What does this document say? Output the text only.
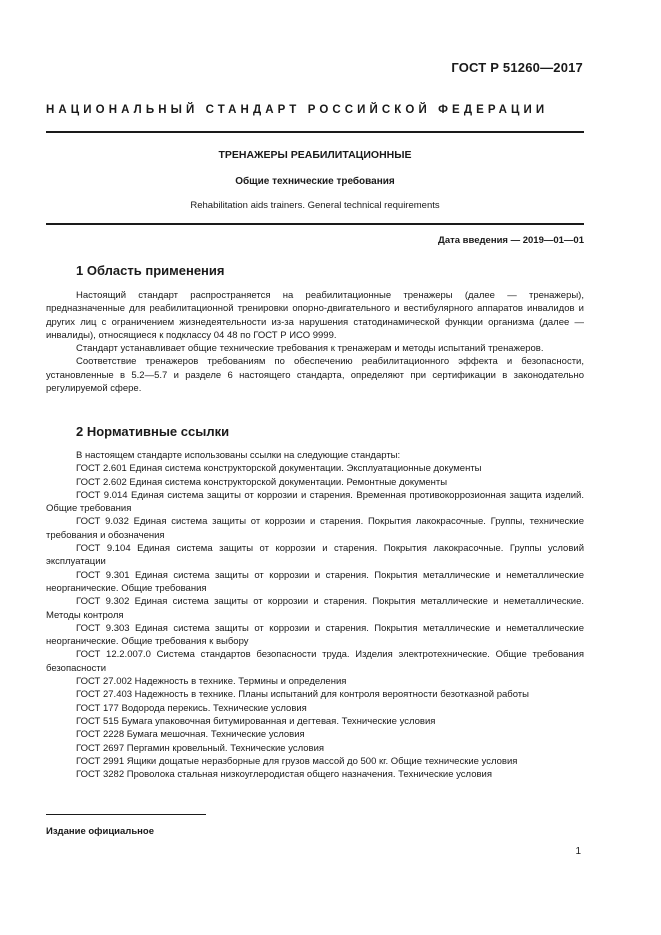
ГОСТ Р 51260—2017
НАЦИОНАЛЬНЫЙ СТАНДАРТ РОССИЙСКОЙ ФЕДЕРАЦИИ
ТРЕНАЖЕРЫ РЕАБИЛИТАЦИОННЫЕ
Общие технические требования
Rehabilitation aids trainers. General technical requirements
Дата введения — 2019—01—01
1 Область применения

Настоящий стандарт распространяется на реабилитационные тренажеры (далее — тренажеры), предназначенные для реабилитационной тренировки опорно-двигательного и вестибулярного аппаратов инвалидов и других лиц с ограничением жизнедеятельности из-за нарушения статодинамической функции организма (далее — инвалиды), относящиеся к подклассу 04 48 по ГОСТ Р ИСО 9999.

Стандарт устанавливает общие технические требования к тренажерам и методы испытаний тренажеров.

Соответствие тренажеров требованиям по обеспечению реабилитационного эффекта и безопасности, установленные в 5.2—5.7 и разделе 6 настоящего стандарта, определяют при сертификации в законодательно регулируемой сфере.

2 Нормативные ссылки

В настоящем стандарте использованы ссылки на следующие стандарты:

ГОСТ 2.601 Единая система конструкторской документации. Эксплуатационные документы

ГОСТ 2.602 Единая система конструкторской документации. Ремонтные документы

ГОСТ 9.014 Единая система защиты от коррозии и старения. Временная противокоррозионная защита изделий. Общие требования

ГОСТ 9.032 Единая система защиты от коррозии и старения. Покрытия лакокрасочные. Группы, технические требования и обозначения

ГОСТ 9.104 Единая система защиты от коррозии и старения. Покрытия лакокрасочные. Группы условий эксплуатации

ГОСТ 9.301 Единая система защиты от коррозии и старения. Покрытия металлические и неметаллические неорганические. Общие требования

ГОСТ 9.302 Единая система защиты от коррозии и старения. Покрытия металлические и неметаллические. Методы контроля

ГОСТ 9.303 Единая система защиты от коррозии и старения. Покрытия металлические и неметаллические неорганические. Общие требования к выбору

ГОСТ 12.2.007.0 Система стандартов безопасности труда. Изделия электротехнические. Общие требования безопасности

ГОСТ 27.002 Надежность в технике. Термины и определения

ГОСТ 27.403 Надежность в технике. Планы испытаний для контроля вероятности безотказной работы

ГОСТ 177 Водорода перекись. Технические условия

ГОСТ 515 Бумага упаковочная битумированная и дегтевая. Технические условия

ГОСТ 2228 Бумага мешочная. Технические условия

ГОСТ 2697 Пергамин кровельный. Технические условия

ГОСТ 2991 Ящики дощатые неразборные для грузов массой до 500 кг. Общие технические условия

ГОСТ 3282 Проволока стальная низкоуглеродистая общего назначения. Технические условия

Издание официальное
1
